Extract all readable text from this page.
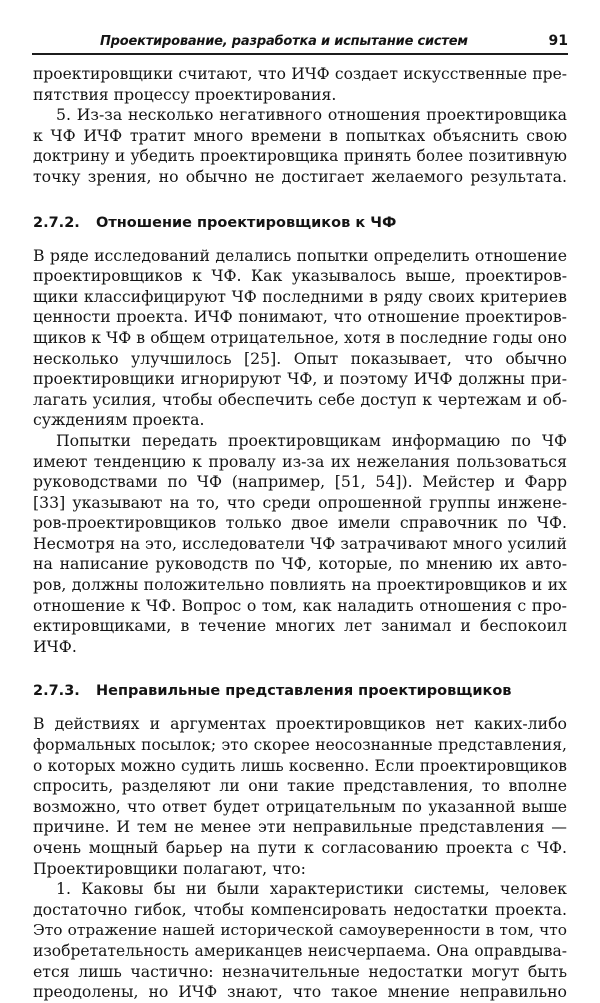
Проектирование, разработка и испытание систем	91

проектировщики считают, что ИЧФ создает искусственные пре-
пятствия процессу проектирования.

5. Из-за несколько негативного отношения проектировщика
к ЧФ ИЧФ тратит много времени в попытках объяснить свою
доктрину и убедить проектировщика принять более позитивную
точку зрения, но обычно не достигает желаемого результата.

2.7.2. Отношение проектировщиков к ЧФ

В ряде исследований делались попытки определить отношение
проектировщиков к ЧФ. Как указывалось выше, проектиров-
щики классифицируют ЧФ последними в ряду своих критериев
ценности проекта. ИЧФ понимают, что отношение проектиров-
щиков к ЧФ в общем отрицательное, хотя в последние годы оно
несколько улучшилось [25]. Опыт показывает, что обычно
проектировщики игнорируют ЧФ, и поэтому ИЧФ должны при-
лагать усилия, чтобы обеспечить себе доступ к чертежам и об-
суждениям проекта.

Попытки передать проектировщикам информацию по ЧФ
имеют тенденцию к провалу из-за их нежелания пользоваться
руководствами по ЧФ (например, [51, 54]). Мейстер и Фарр
[33] указывают на то, что среди опрошенной группы инжене-
ров-проектировщиков только двое имели справочник по ЧФ.
Несмотря на это, исследователи ЧФ затрачивают много усилий
на написание руководств по ЧФ, которые, по мнению их авто-
ров, должны положительно повлиять на проектировщиков и их
отношение к ЧФ. Вопрос о том, как наладить отношения с про-
ектировщиками, в течение многих лет занимал и беспокоил
ИЧФ.

2.7.3. Неправильные представления проектировщиков

В действиях и аргументах проектировщиков нет каких-либо
формальных посылок; это скорее неосознанные представления,
о которых можно судить лишь косвенно. Если проектировщиков
спросить, разделяют ли они такие представления, то вполне
возможно, что ответ будет отрицательным по указанной выше
причине. И тем не менее эти неправильные представления —
очень мощный барьер на пути к согласованию проекта с ЧФ.
Проектировщики полагают, что:

1. Каковы бы ни были характеристики системы, человек
достаточно гибок, чтобы компенсировать недостатки проекта.
Это отражение нашей исторической самоуверенности в том, что
изобретательность американцев неисчерпаема. Она оправдыва-
ется лишь частично: незначительные недостатки могут быть
преодолены, но ИЧФ знают, что такое мнение неправильно
